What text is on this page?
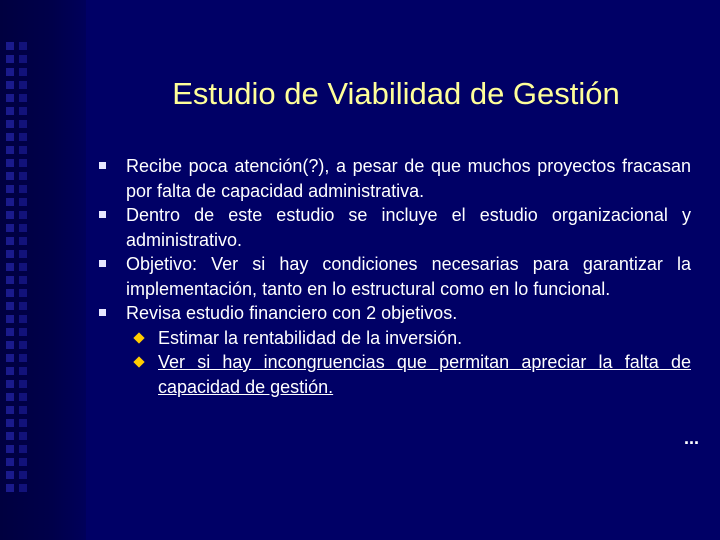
Estudio de Viabilidad de Gestión
Recibe poca atención(?), a pesar de que muchos proyectos fracasan por falta de capacidad administrativa.
Dentro de este estudio se incluye el estudio organizacional y administrativo.
Objetivo: Ver si hay condiciones necesarias para garantizar la implementación, tanto en lo estructural como en lo funcional.
Revisa estudio financiero con 2 objetivos.
Estimar la rentabilidad de la inversión.
Ver si hay incongruencias que permitan apreciar la falta de capacidad de gestión.
...
